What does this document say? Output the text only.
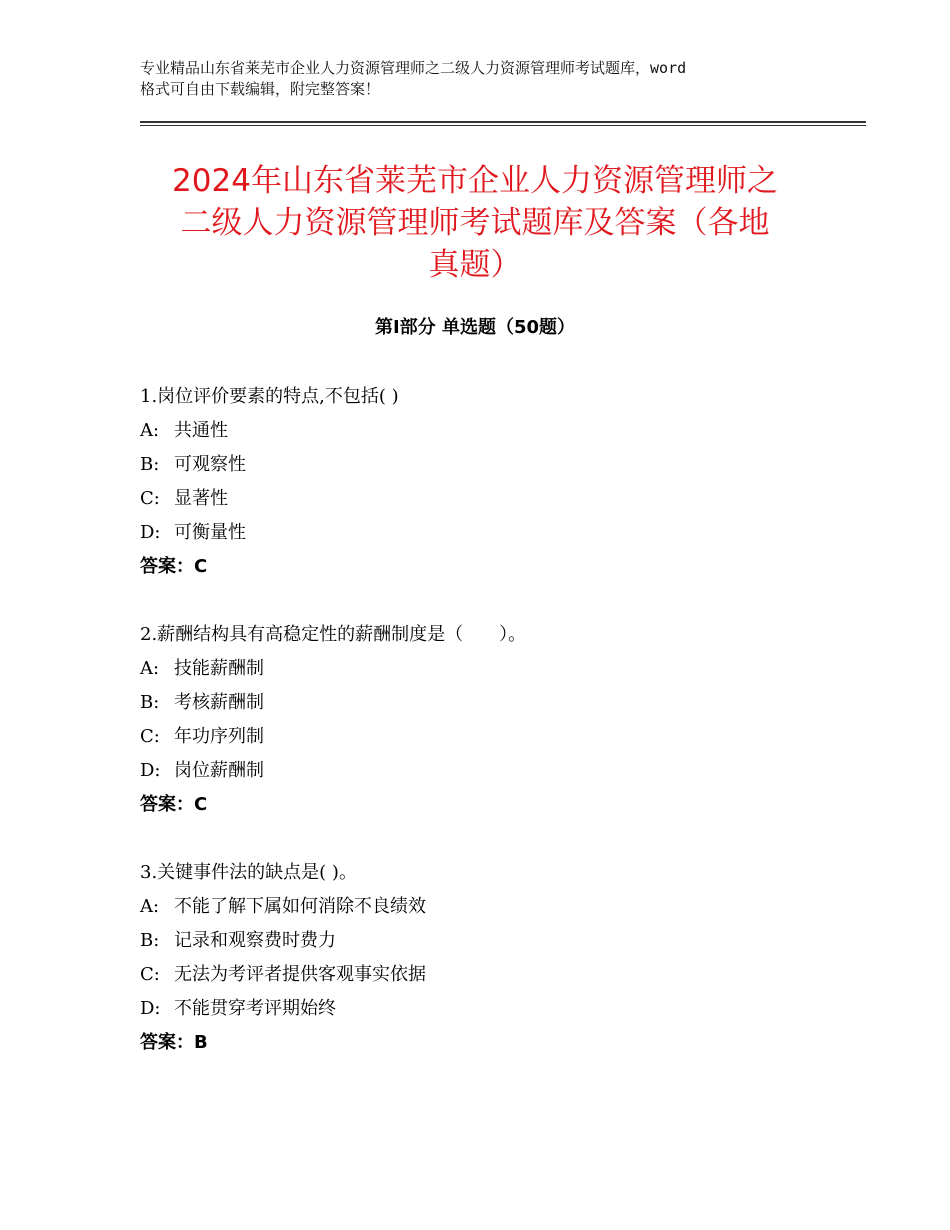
专业精品山东省莱芜市企业人力资源管理师之二级人力资源管理师考试题库，word
格式可自由下载编辑，附完整答案！
2024年山东省莱芜市企业人力资源管理师之
二级人力资源管理师考试题库及答案（各地
真题）
第Ⅰ部分 单选题（50题）
1.岗位评价要素的特点,不包括( )
A: 共通性
B: 可观察性
C: 显著性
D: 可衡量性
答案：C
2.薪酬结构具有高稳定性的薪酬制度是（　　）。
A: 技能薪酬制
B: 考核薪酬制
C: 年功序列制
D: 岗位薪酬制
答案：C
3.关键事件法的缺点是( )。
A: 不能了解下属如何消除不良绩效
B: 记录和观察费时费力
C: 无法为考评者提供客观事实依据
D: 不能贯穿考评期始终
答案：B
